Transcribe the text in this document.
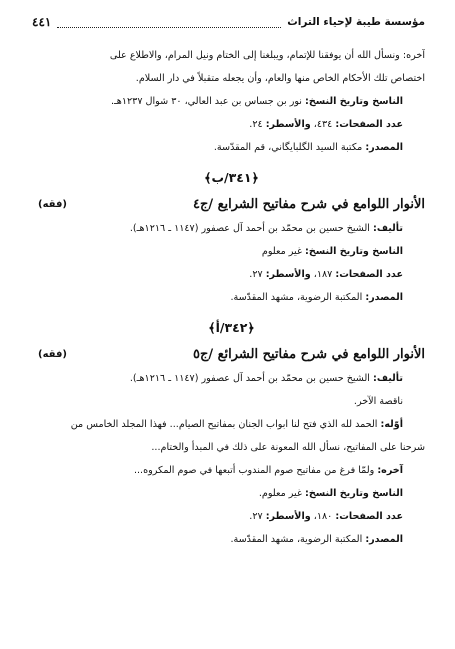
مؤسسة طيبة لإحياء التراث
٤٤١
آخره: ونسأل الله أن يوفقنا للإتمام، ويبلغنا إلى الختام ونيل المرام، والاطلاع على
اختصاص تلك الأحكام الخاص منها والعام، وأن يجعله متقبلاً في دار السلام.
الناسخ وتاريخ النسخ: نور بن جساس بن عبد العالي، ٣٠ شوال ١٢٣٧هـ.
عدد الصفحات: ٤٣٤، والأسطر: ٢٤.
المصدر: مكتبة السيد الگلبايگاني، قم المقدّسة.
﴿٣٤١/ب﴾
الأنوار اللوامع في شرح مفاتيح الشرايع /ج٤
(فقه)
تأليف: الشيخ حسين بن محمّد بن أحمد آل عصفور (١١٤٧ ـ ١٢١٦هـ).
الناسخ وتاريخ النسخ: غير معلوم
عدد الصفحات: ١٨٧، والأسطر: ٢٧.
المصدر: المكتبة الرضوية، مشهد المقدّسة.
﴿٣٤٢/أ﴾
الأنوار اللوامع في شرح مفاتيح الشرائع /ج٥
(فقه)
تأليف: الشيخ حسين بن محمّد بن أحمد آل عصفور (١١٤٧ ـ ١٢١٦هـ).
ناقصة الآخر.
أوّله: الحمد لله الذي فتح لنا ابواب الجنان بمفاتيح الصيام... فهذا المجلد الخامس من
شرحنا على المفاتيح، نسأل الله المعونة على ذلك في المبدأ والختام...
آخره: ولمّا فرغ من مفاتيح صوم المندوب أتبعها في صوم المكروه...
الناسخ وتاريخ النسخ: غير معلوم.
عدد الصفحات: ١٨٠، والأسطر: ٢٧.
المصدر: المكتبة الرضوية، مشهد المقدّسة.
